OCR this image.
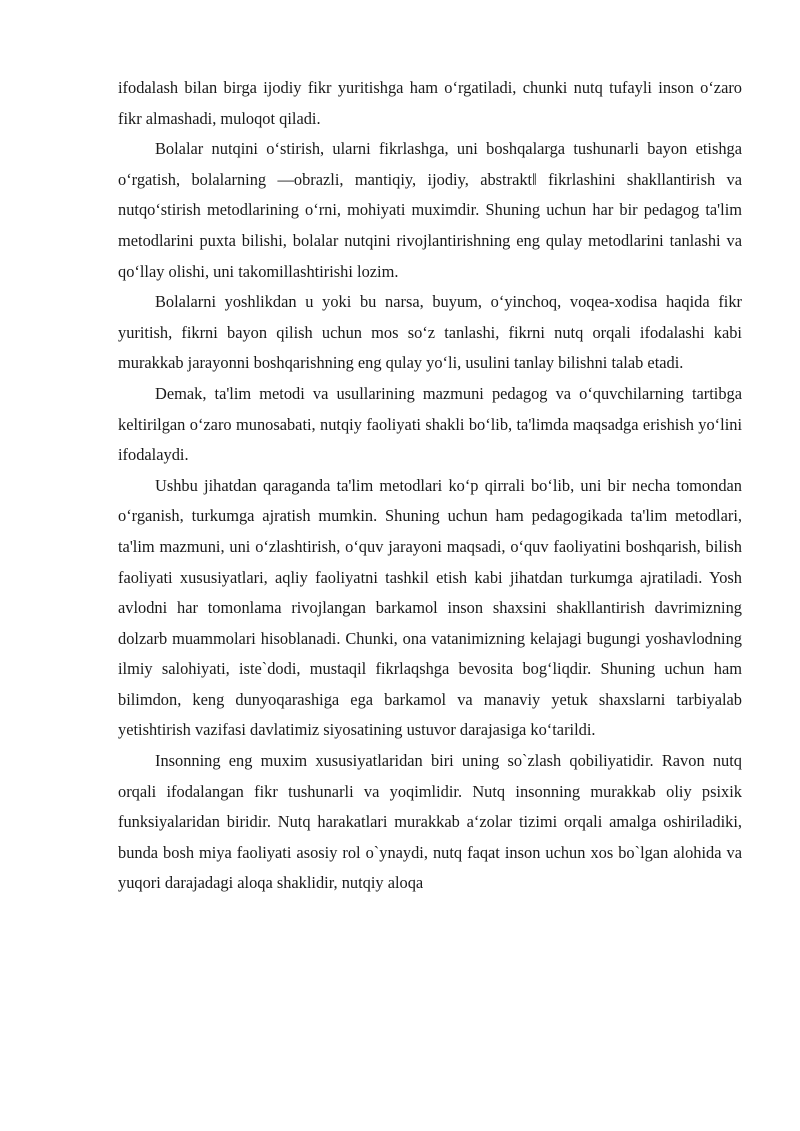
ifodalash bilan birga ijodiy fikr yuritishga ham o‘rgatiladi, chunki nutq tufayli inson o‘zaro fikr almashadi, muloqot qiladi.

Bolalar nutqini o‘stirish, ularni fikrlashga, uni boshqalarga tushunarli bayon etishga o‘rgatish, bolalarning ―obrazli, mantiqiy, ijodiy, abstrakt‖ fikrlashini shakllantirish va nutqo‘stirish metodlarining o‘rni, mohiyati muximdir. Shuning uchun har bir pedagog ta'lim metodlarini puxta bilishi, bolalar nutqini rivojlantirishning eng qulay metodlarini tanlashi va qo‘llay olishi, uni takomillashtirishi lozim.

Bolalarni yoshlikdan u yoki bu narsa, buyum, o‘yinchoq, voqea-xodisa haqida fikr yuritish, fikrni bayon qilish uchun mos so‘z tanlashi, fikrni nutq orqali ifodalashi kabi murakkab jarayonni boshqarishning eng qulay yo‘li, usulini tanlay bilishni talab etadi.

Demak, ta'lim metodi va usullarining mazmuni pedagog va o‘quvchilarning tartibga keltirilgan o‘zaro munosabati, nutqiy faoliyati shakli bo‘lib, ta'limda maqsadga erishish yo‘lini ifodalaydi.

Ushbu jihatdan qaraganda ta'lim metodlari ko‘p qirrali bo‘lib, uni bir necha tomondan o‘rganish, turkumga ajratish mumkin. Shuning uchun ham pedagogikada ta'lim metodlari, ta'lim mazmuni, uni o‘zlashtirish, o‘quv jarayoni maqsadi, o‘quv faoliyatini boshqarish, bilish faoliyati xususiyatlari, aqliy faoliyatni tashkil etish kabi jihatdan turkumga ajratiladi. Yosh avlodni har tomonlama rivojlangan barkamol inson shaxsini shakllantirish davrimizning dolzarb muammolari hisoblanadi. Chunki, ona vatanimizning kelajagi bugungi yoshavlodning ilmiy salohiyati, iste`dodi, mustaqil fikrlaqshga bevosita bog‘liqdir. Shuning uchun ham bilimdon, keng dunyoqarashiga ega barkamol va manaviy yetuk shaxslarni tarbiyalab yetishtirish vazifasi davlatimiz siyosatining ustuvor darajasiga ko‘tarildi.

Insonning eng muxim xususiyatlaridan biri uning so`zlash qobiliyatidir. Ravon nutq orqali ifodalangan fikr tushunarli va yoqimlidir. Nutq insonning murakkab oliy psixik funksiyalaridan biridir. Nutq harakatlari murakkab a‘zolar tizimi orqali amalga oshiriladiki, bunda bosh miya faoliyati asosiy rol o`ynaydi, nutq faqat inson uchun xos bo`lgan alohida va yuqori darajadagi aloqa shaklidir, nutqiy aloqa
